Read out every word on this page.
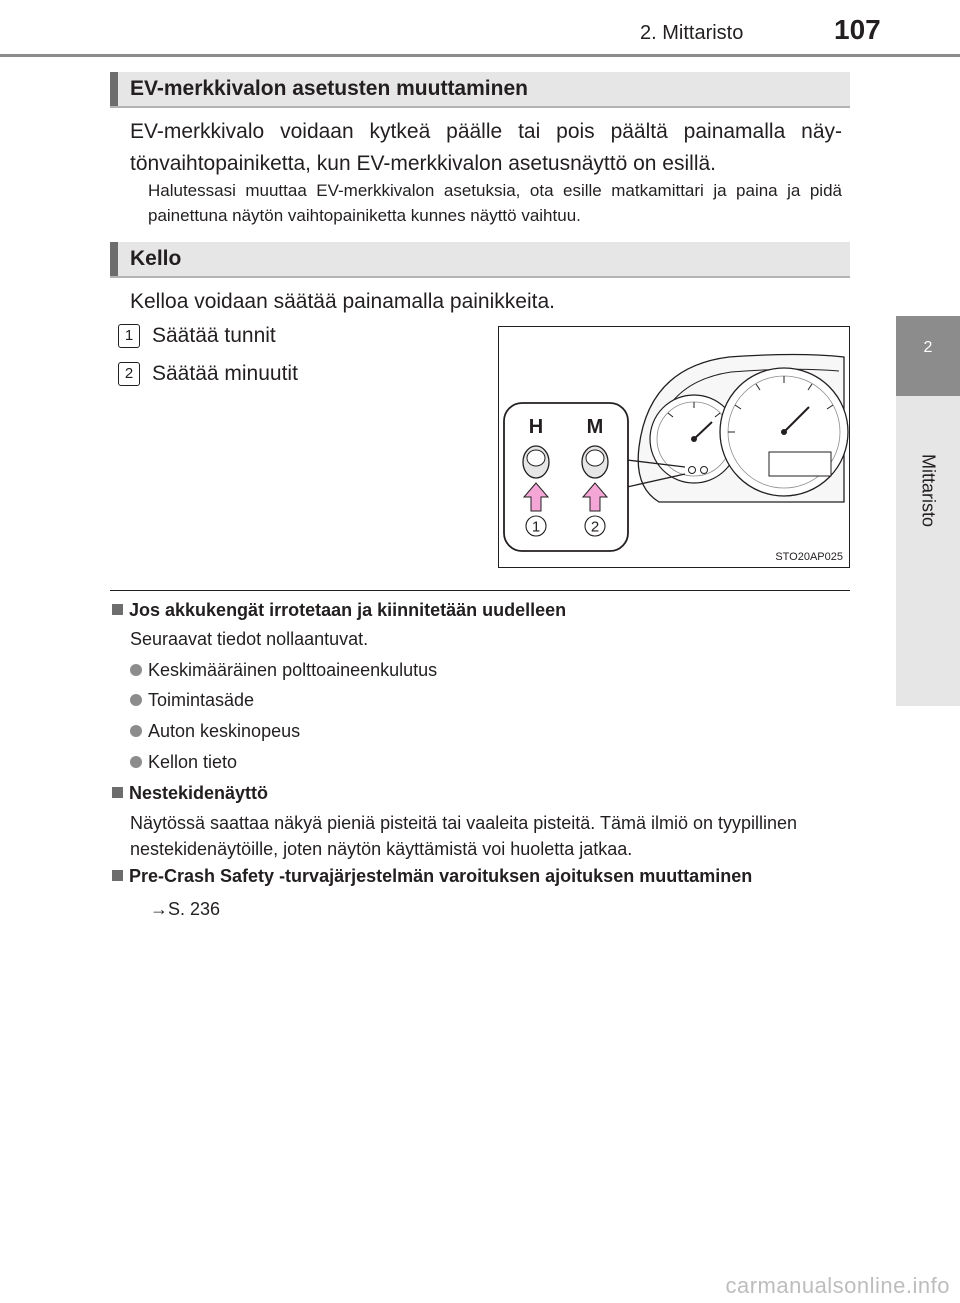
2. Mittaristo	107
2
Mittaristo
EV-merkkivalon asetusten muuttaminen
EV-merkkivalo voidaan kytkeä päälle tai pois päältä painamalla näytönvaihtopainiketta, kun EV-merkkivalon asetusnäyttö on esillä.
Halutessasi muuttaa EV-merkkivalon asetuksia, ota esille matkamittari ja paina ja pidä painettuna näytön vaihtopainiketta kunnes näyttö vaihtuu.
Kello
Kelloa voidaan säätää painamalla painikkeita.
1 Säätää tunnit
2 Säätää minuutit
H M
1	2
STO20AP025
Jos akkukengät irrotetaan ja kiinnitetään uudelleen
Seuraavat tiedot nollaantuvat.
Keskimääräinen polttoaineenkulutus
Toimintasäde
Auton keskinopeus
Kellon tieto
Nestekidenäyttö
Näytössä saattaa näkyä pieniä pisteitä tai vaaleita pisteitä. Tämä ilmiö on tyypillinen nestekidenäytöille, joten näytön käyttämistä voi huoletta jatkaa.
Pre-Crash Safety -turvajärjestelmän varoituksen ajoituksen muuttaminen
→S. 236
carmanualsonline.info
